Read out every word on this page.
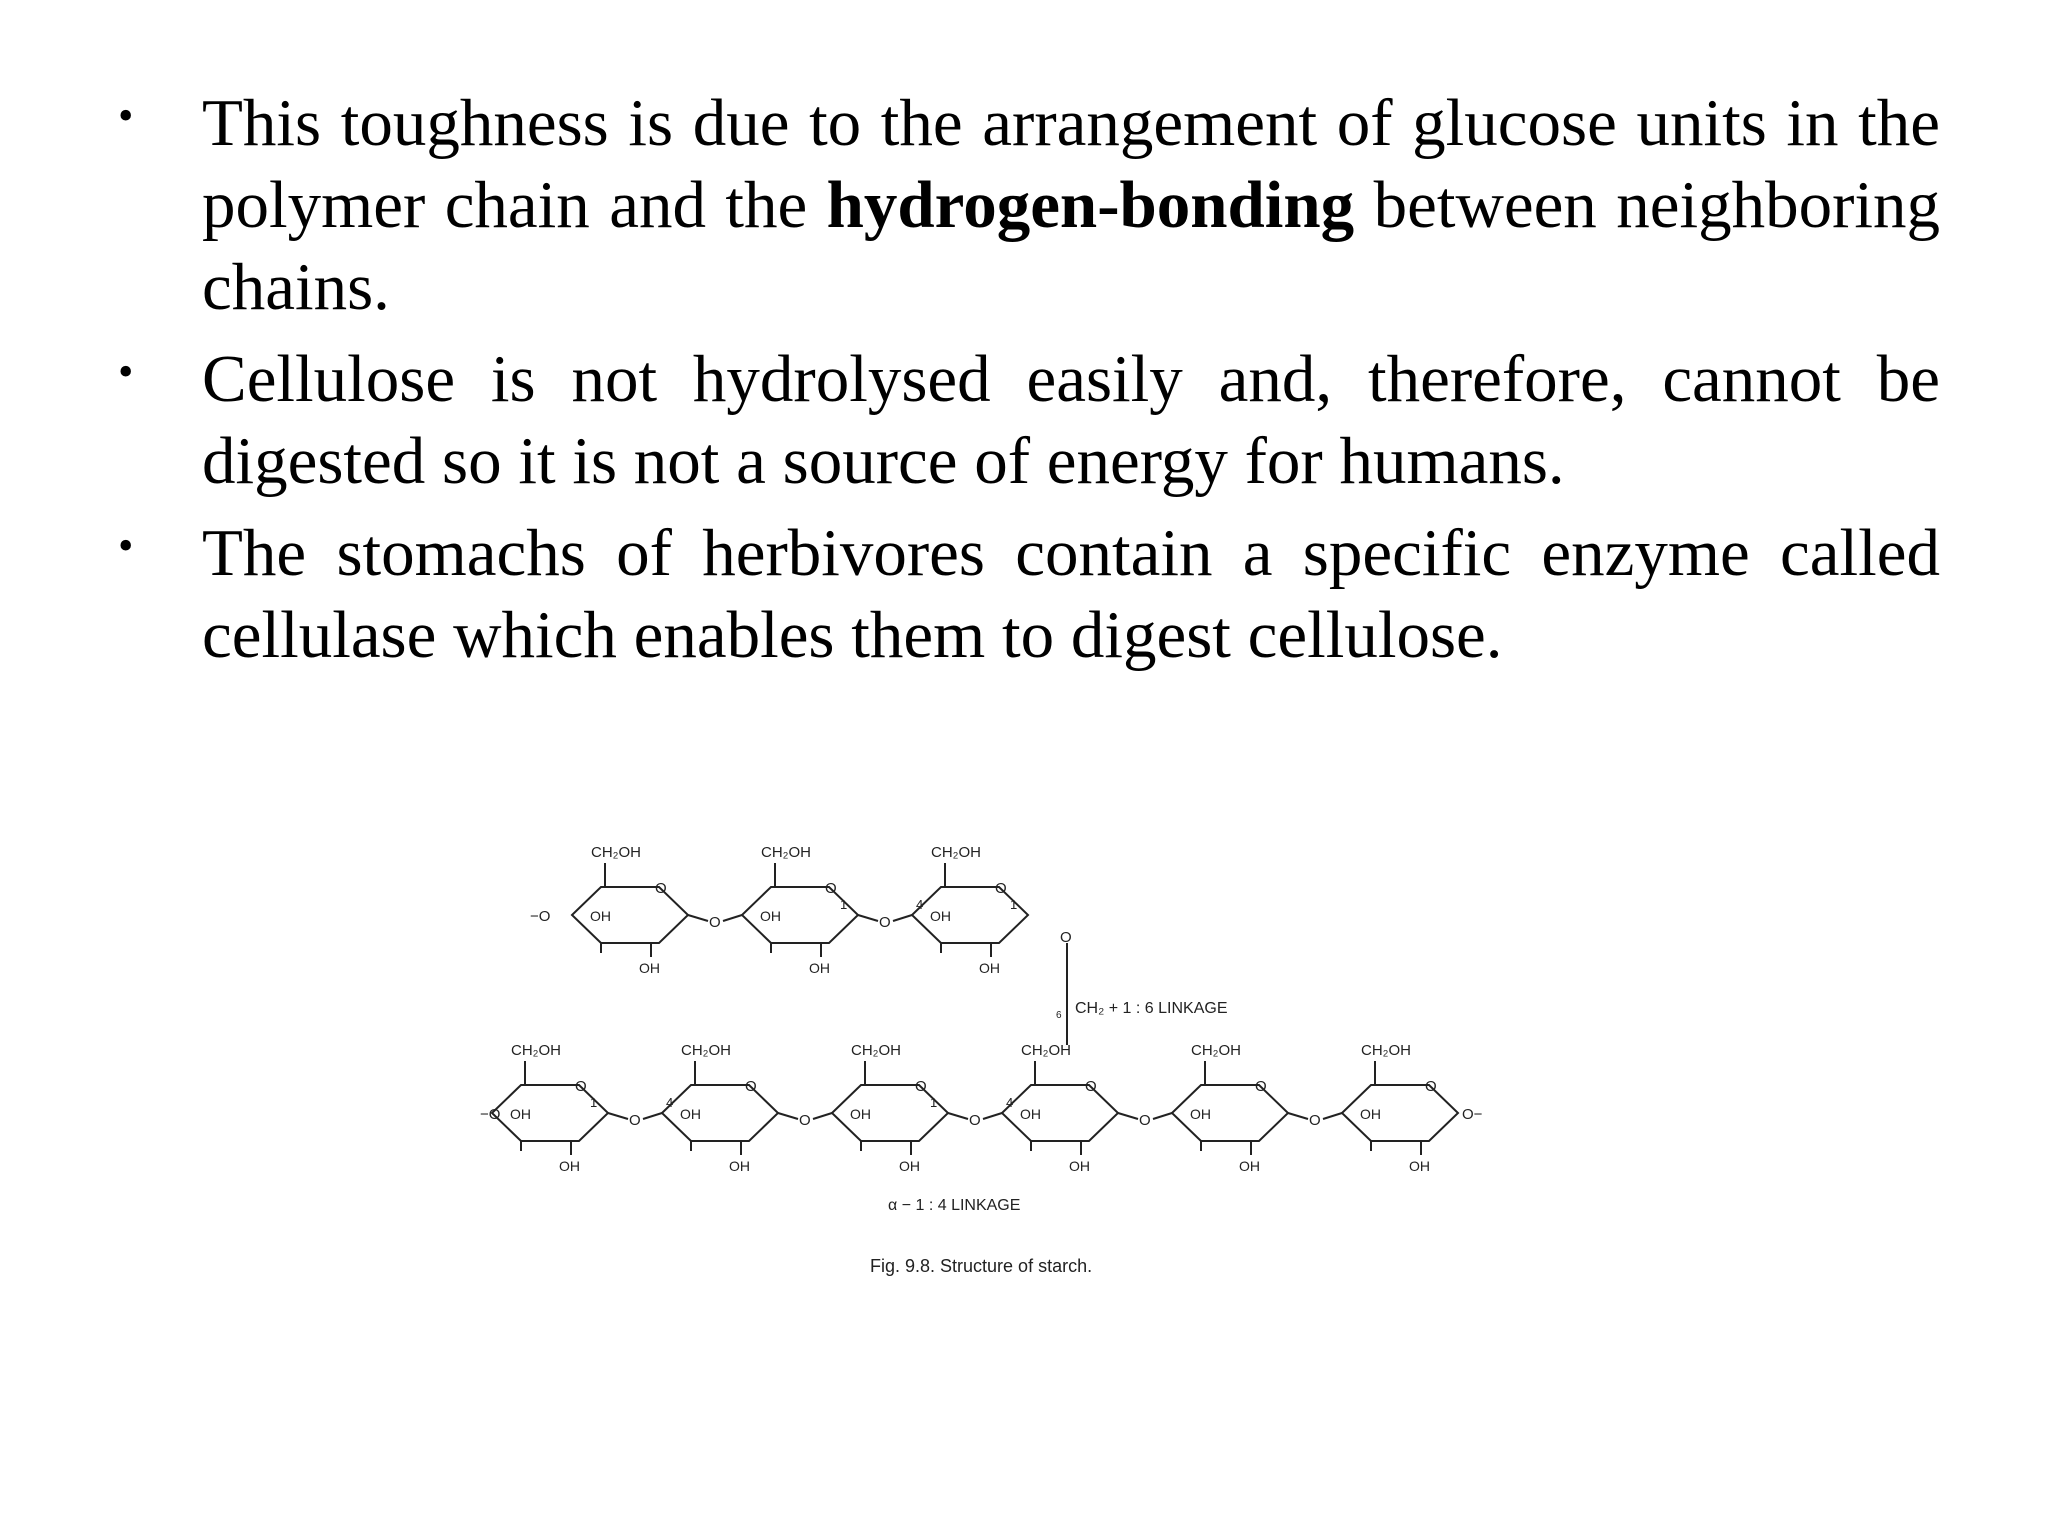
• This toughness is due to the arrangement of glucose units in the polymer chain and the hydrogen-bonding between neighboring chains.
• Cellulose is not hydrolysed easily and, therefore, cannot be digested so it is not a source of energy for humans.
• The stomachs of herbivores contain a specific enzyme called cellulase which enables them to digest cellulose.
CH₂OH
O
OH
OH
CH₂OH
O
OH
OH
1
CH₂OH
O
OH
OH
1
4
−O	O	O
O
CH₂OH
O
OH
OH
1
CH₂OH
O
OH
OH
4
CH₂OH
O
OH
OH
1
CH₂OH
O
OH
OH
4
CH₂OH
O
OH
OH
CH₂OH
O
OH
OH
−O	O	O	O	O	O	O−
CH₂ + 1 : 6 LINKAGE
6
α − 1 : 4 LINKAGE
Fig. 9.8. Structure of starch.
